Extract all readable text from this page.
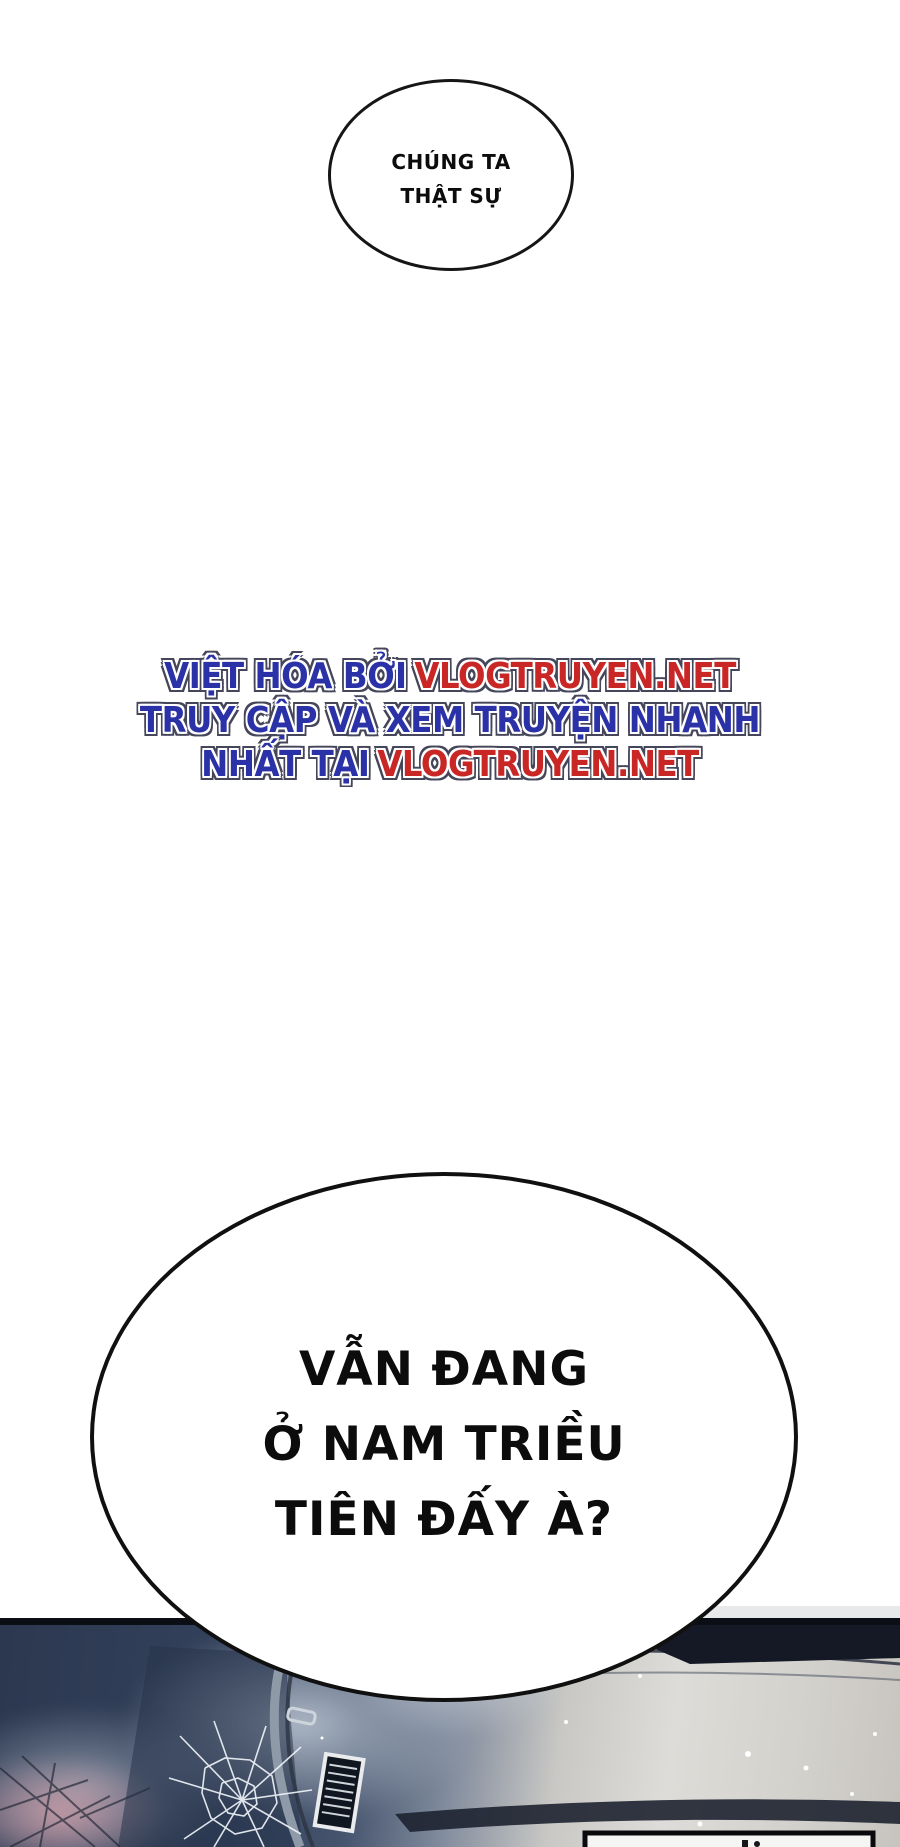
CHÚNG TA
THẬT SỰ
VIỆT HÓA BỞI VLOGTRUYEN.NET
TRUY CẬP VÀ XEM TRUYỆN NHANH
NHẤT TẠI VLOGTRUYEN.NET
VẪN ĐANG
Ở NAM TRIỀU
TIÊN ĐẤY À?
